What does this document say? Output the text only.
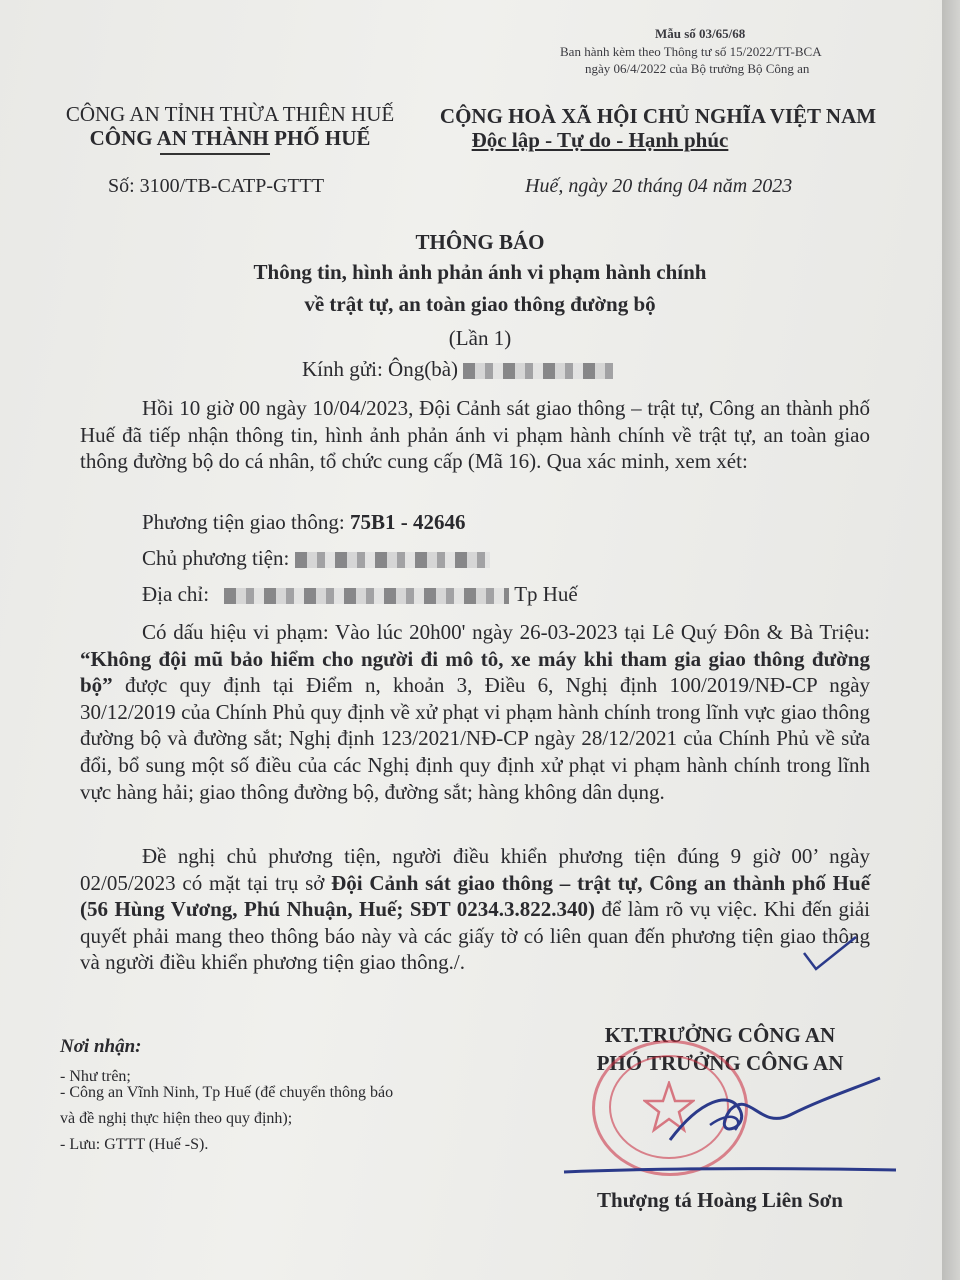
Mẫu số 03/65/68
Ban hành kèm theo Thông tư số 15/2022/TT-BCA
ngày 06/4/2022 của Bộ trưởng Bộ Công an
CÔNG AN TỈNH THỪA THIÊN HUẾ
CÔNG AN THÀNH PHỐ HUẾ
Số: 3100/TB-CATP-GTTT
CỘNG HOÀ XÃ HỘI CHỦ NGHĨA VIỆT NAM
Độc lập - Tự do - Hạnh phúc
Huế, ngày 20 tháng 04 năm 2023
THÔNG BÁO
Thông tin, hình ảnh phản ánh vi phạm hành chính
về trật tự, an toàn giao thông đường bộ
(Lần 1)
Kính gửi: Ông(bà)
Hồi 10 giờ 00 ngày 10/04/2023, Đội Cảnh sát giao thông – trật tự, Công an thành phố Huế đã tiếp nhận thông tin, hình ảnh phản ánh vi phạm hành chính về trật tự, an toàn giao thông đường bộ do cá nhân, tổ chức cung cấp (Mã 16). Qua xác minh, xem xét:
Phương tiện giao thông: 75B1 - 42646
Chủ phương tiện:
Địa chỉ:	Tp Huế
Có dấu hiệu vi phạm: Vào lúc 20h00' ngày 26-03-2023 tại Lê Quý Đôn & Bà Triệu: “Không đội mũ bảo hiểm cho người đi mô tô, xe máy khi tham gia giao thông đường bộ” được quy định tại Điểm n, khoản 3, Điều 6, Nghị định 100/2019/NĐ-CP ngày 30/12/2019 của Chính Phủ quy định về xử phạt vi phạm hành chính trong lĩnh vực giao thông đường bộ và đường sắt; Nghị định 123/2021/NĐ-CP ngày 28/12/2021 của Chính Phủ về sửa đổi, bổ sung một số điều của các Nghị định quy định xử phạt vi phạm hành chính trong lĩnh vực hàng hải; giao thông đường bộ, đường sắt; hàng không dân dụng.
Đề nghị chủ phương tiện, người điều khiển phương tiện đúng 9 giờ 00’ ngày 02/05/2023 có mặt tại trụ sở Đội Cảnh sát giao thông – trật tự, Công an thành phố Huế (56 Hùng Vương, Phú Nhuận, Huế; SĐT 0234.3.822.340) để làm rõ vụ việc. Khi đến giải quyết phải mang theo thông báo này và các giấy tờ có liên quan đến phương tiện giao thông và người điều khiển phương tiện giao thông./.
Nơi nhận:
- Như trên;
- Công an Vĩnh Ninh, Tp Huế (để chuyển thông báo
và đề nghị thực hiện theo quy định);
- Lưu: GTTT (Huế -S).
KT.TRƯỞNG CÔNG AN
PHÓ TRƯỞNG CÔNG AN
Thượng tá Hoàng Liên Sơn
